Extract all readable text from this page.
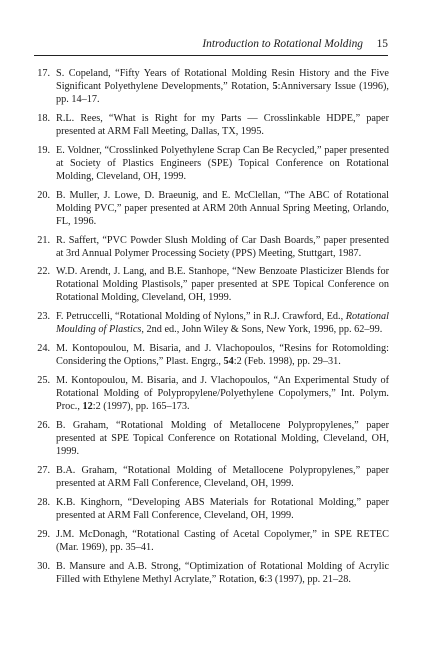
Introduction to Rotational Molding 15
17. S. Copeland, “Fifty Years of Rotational Molding Resin History and the Five Significant Polyethylene Developments,” Rotation, 5:Anniversary Issue (1996), pp. 14–17.
18. R.L. Rees, “What is Right for my Parts — Crosslinkable HDPE,” paper presented at ARM Fall Meeting, Dallas, TX, 1995.
19. E. Voldner, “Crosslinked Polyethylene Scrap Can Be Recycled,” paper presented at Society of Plastics Engineers (SPE) Topical Conference on Rotational Molding, Cleveland, OH, 1999.
20. B. Muller, J. Lowe, D. Braeunig, and E. McClellan, “The ABC of Rotational Molding PVC,” paper presented at ARM 20th Annual Spring Meeting, Orlando, FL, 1996.
21. R. Saffert, “PVC Powder Slush Molding of Car Dash Boards,” paper presented at 3rd Annual Polymer Processing Society (PPS) Meeting, Stuttgart, 1987.
22. W.D. Arendt, J. Lang, and B.E. Stanhope, “New Benzoate Plasticizer Blends for Rotational Molding Plastisols,” paper presented at SPE Topical Conference on Rotational Molding, Cleveland, OH, 1999.
23. F. Petruccelli, “Rotational Molding of Nylons,” in R.J. Crawford, Ed., Rotational Moulding of Plastics, 2nd ed., John Wiley & Sons, New York, 1996, pp. 62–99.
24. M. Kontopoulou, M. Bisaria, and J. Vlachopoulos, “Resins for Rotomolding: Considering the Options,” Plast. Engrg., 54:2 (Feb. 1998), pp. 29–31.
25. M. Kontopoulou, M. Bisaria, and J. Vlachopoulos, “An Experimental Study of Rotational Molding of Polypropylene/Polyethylene Copolymers,” Int. Polym. Proc., 12:2 (1997), pp. 165–173.
26. B. Graham, “Rotational Molding of Metallocene Polypropylenes,” paper presented at SPE Topical Conference on Rotational Molding, Cleveland, OH, 1999.
27. B.A. Graham, “Rotational Molding of Metallocene Polypropylenes,” paper presented at ARM Fall Conference, Cleveland, OH, 1999.
28. K.B. Kinghorn, “Developing ABS Materials for Rotational Molding,” paper presented at ARM Fall Conference, Cleveland, OH, 1999.
29. J.M. McDonagh, “Rotational Casting of Acetal Copolymer,” in SPE RETEC (Mar. 1969), pp. 35–41.
30. B. Mansure and A.B. Strong, “Optimization of Rotational Molding of Acrylic Filled with Ethylene Methyl Acrylate,” Rotation, 6:3 (1997), pp. 21–28.
